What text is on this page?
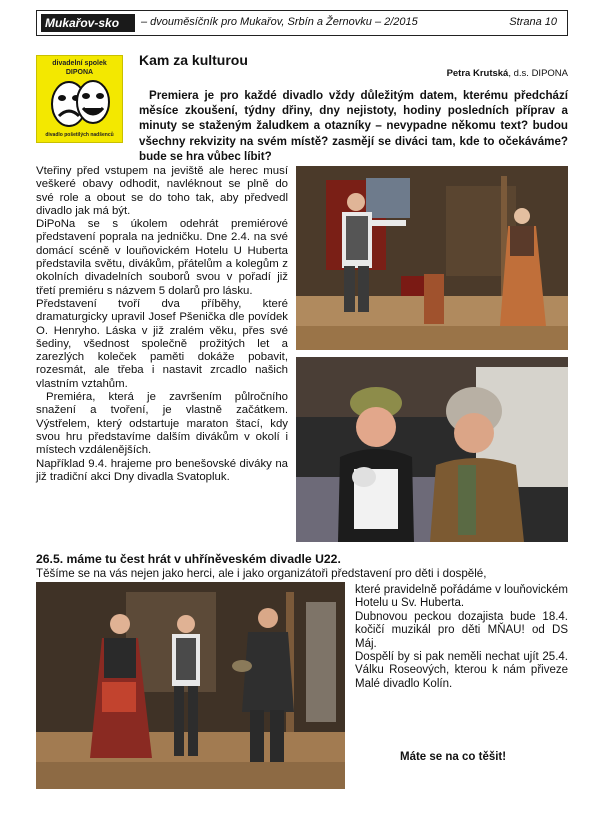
Mukařov-sko	– dvouměsíčník pro Mukařov, Srbín a Žernovku – 2/2015	Strana 10
divadelní spolek
DIPONA
divadlo pošetilých nadšenců
Kam za kulturou
Petra Krutská, d.s. DIPONA
Premiera je pro každé divadlo vždy důležitým datem, kterému předchází měsíce zkoušení, týdny dřiny, dny nejistoty, hodiny posledních příprav a minuty se staženým žaludkem a otazníky – nevypadne někomu text? budou všechny rekvizity na svém místě? zasmějí se diváci tam, kde to očekáváme? bude se hra vůbec líbit?

Vteřiny před vstupem na jeviště ale herec musí veškeré obavy odhodit, navléknout se plně do své role a obout se do toho tak, aby předvedl divadlo jak má být.

DiPoNa se s úkolem odehrát premiérové představení poprala na jedničku. Dne 2.4. na své domácí scéně v louňovickém Hotelu U Huberta představila světu, divákům, přátelům a kolegům z okolních divadelních souborů svou v pořadí již třetí premiéru s názvem 5 dolarů pro lásku.

Představení tvoří dva příběhy, které dramaturgicky upravil Josef Pšenička dle povídek O. Henryho. Láska v již zralém věku, přes své šediny, všednost společně prožitých let a zarezlých koleček paměti dokáže pobavit, rozesmát, ale třeba i nastavit zrcadlo našich vlastním vztahům.

Premiéra, která je završením půlročního snažení a tvoření, je vlastně začátkem. Výstřelem, který odstartuje maraton štací, kdy svou hru představíme dalším divákům v okolí i místech vzdálenějších.

Například 9.4. hrajeme pro benešovské diváky na již tradiční akci Dny divadla Svatopluk.

26.5. máme tu čest hrát v uhříněveském divadle U22.
Těšíme se na vás nejen jako herci, ale i jako organizátoři představení pro děti i dospělé,

které pravidelně pořádáme v louňovickém Hotelu u Sv. Huberta.

Dubnovou peckou dozajista bude 18.4. kočičí muzikál pro děti MŇAU! od DS Máj.

Dospělí by si pak neměli nechat ujít 25.4. Válku Roseových, kterou k nám přiveze Malé divadlo Kolín.

Máte se na co těšit!
